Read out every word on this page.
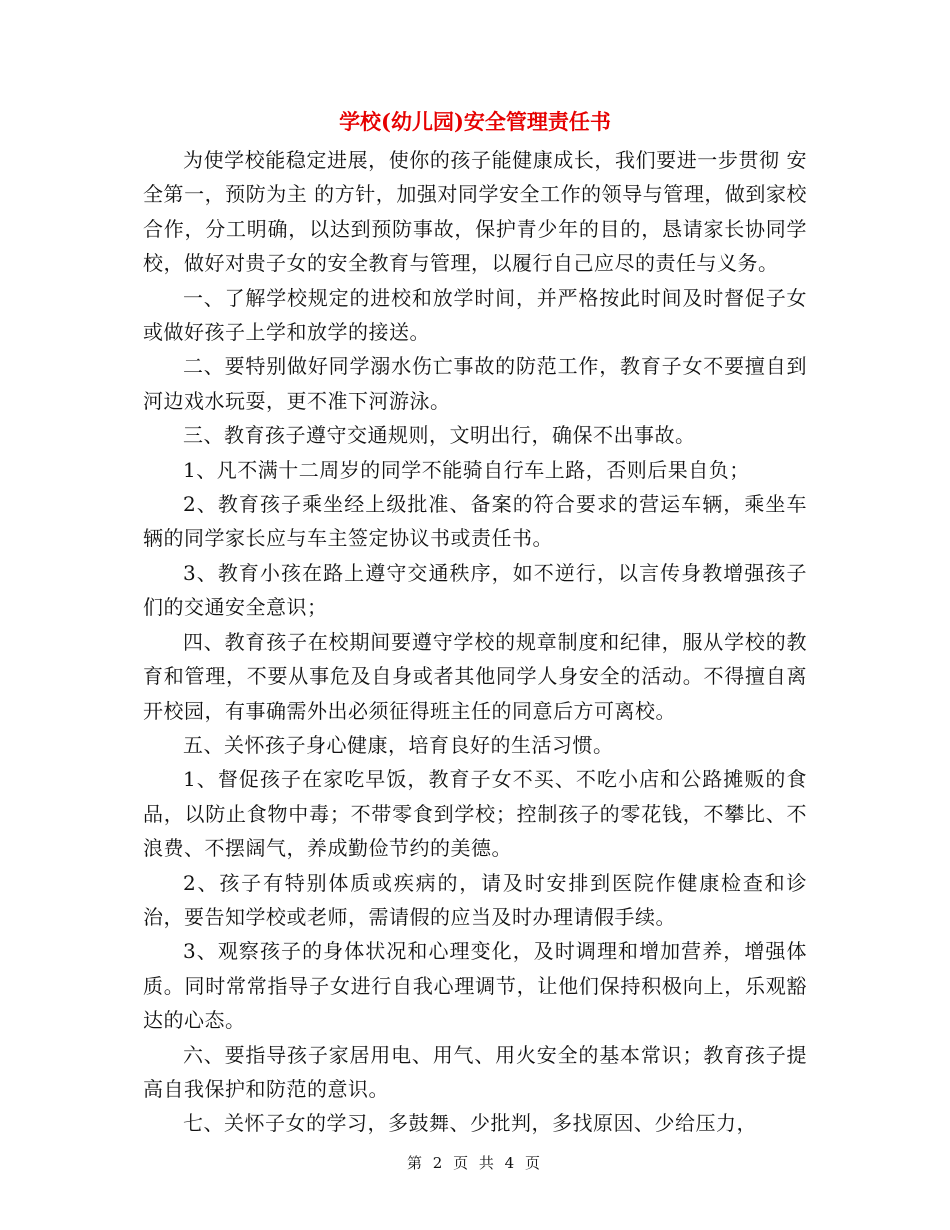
学校(幼儿园)安全管理责任书

为使学校能稳定进展，使你的孩子能健康成长，我们要进一步贯彻 安全第一，预防为主 的方针，加强对同学安全工作的领导与管理，做到家校合作，分工明确，以达到预防事故，保护青少年的目的，恳请家长协同学校，做好对贵子女的安全教育与管理，以履行自己应尽的责任与义务。

一、了解学校规定的进校和放学时间，并严格按此时间及时督促子女或做好孩子上学和放学的接送。

二、要特别做好同学溺水伤亡事故的防范工作，教育子女不要擅自到河边戏水玩耍，更不准下河游泳。

三、教育孩子遵守交通规则，文明出行，确保不出事故。

1、凡不满十二周岁的同学不能骑自行车上路，否则后果自负；

2、教育孩子乘坐经上级批准、备案的符合要求的营运车辆，乘坐车辆的同学家长应与车主签定协议书或责任书。

3、教育小孩在路上遵守交通秩序，如不逆行，以言传身教增强孩子们的交通安全意识；

四、教育孩子在校期间要遵守学校的规章制度和纪律，服从学校的教育和管理，不要从事危及自身或者其他同学人身安全的活动。不得擅自离开校园，有事确需外出必须征得班主任的同意后方可离校。

五、关怀孩子身心健康，培育良好的生活习惯。

1、督促孩子在家吃早饭，教育子女不买、不吃小店和公路摊贩的食品，以防止食物中毒；不带零食到学校；控制孩子的零花钱，不攀比、不浪费、不摆阔气，养成勤俭节约的美德。

2、孩子有特别体质或疾病的，请及时安排到医院作健康检查和诊治，要告知学校或老师，需请假的应当及时办理请假手续。

3、观察孩子的身体状况和心理变化，及时调理和增加营养，增强体质。同时常常指导子女进行自我心理调节，让他们保持积极向上，乐观豁达的心态。

六、要指导孩子家居用电、用气、用火安全的基本常识；教育孩子提高自我保护和防范的意识。

七、关怀子女的学习，多鼓舞、少批判，多找原因、少给压力，

第 2 页 共 4 页
